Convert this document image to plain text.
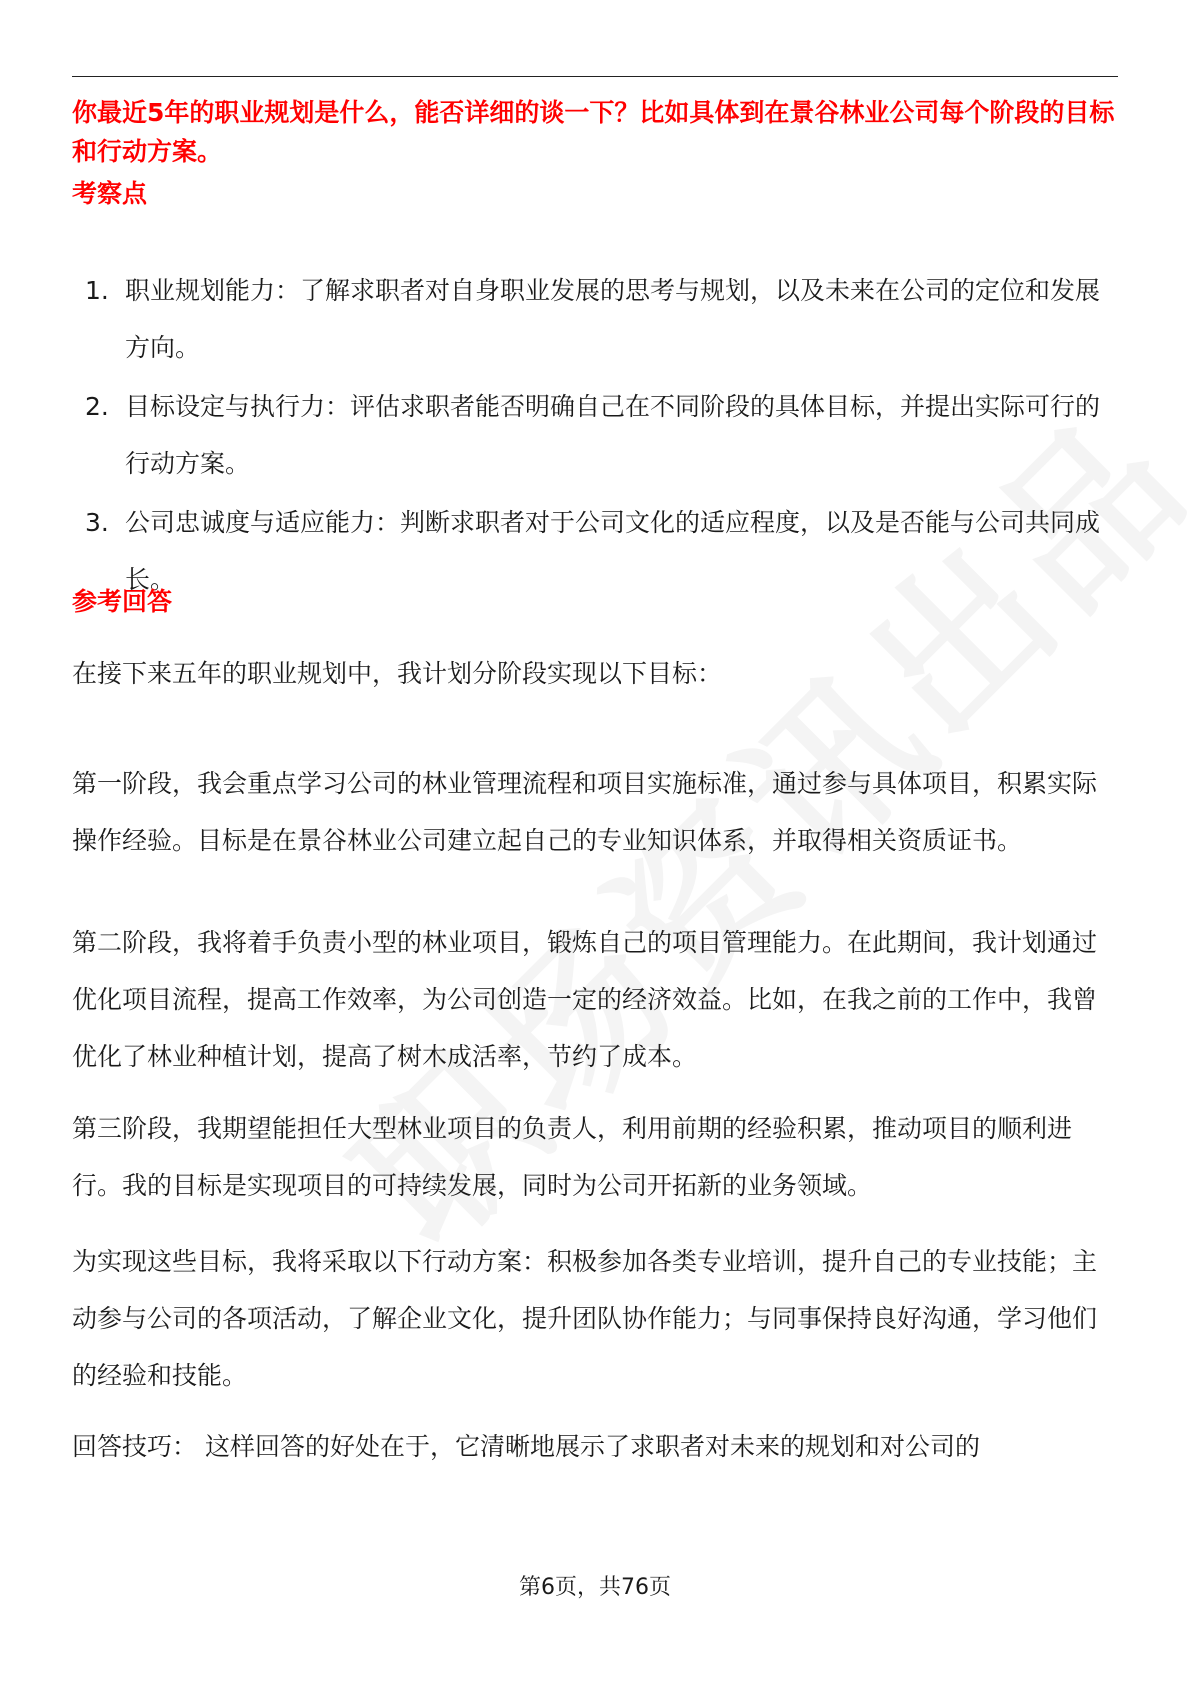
你最近5年的职业规划是什么，能否详细的谈一下？比如具体到在景谷林业公司每个阶段的目标和行动方案。

考察点
1. 职业规划能力：了解求职者对自身职业发展的思考与规划，以及未来在公司的定位和发展方向。
2. 目标设定与执行力：评估求职者能否明确自己在不同阶段的具体目标，并提出实际可行的行动方案。
3. 公司忠诚度与适应能力：判断求职者对于公司文化的适应程度，以及是否能与公司共同成长。
参考回答

在接下来五年的职业规划中，我计划分阶段实现以下目标：

第一阶段，我会重点学习公司的林业管理流程和项目实施标准，通过参与具体项目，积累实际操作经验。目标是在景谷林业公司建立起自己的专业知识体系，并取得相关资质证书。

第二阶段，我将着手负责小型的林业项目，锻炼自己的项目管理能力。在此期间，我计划通过优化项目流程，提高工作效率，为公司创造一定的经济效益。比如，在我之前的工作中，我曾优化了林业种植计划，提高了树木成活率，节约了成本。

第三阶段，我期望能担任大型林业项目的负责人，利用前期的经验积累，推动项目的顺利进行。我的目标是实现项目的可持续发展，同时为公司开拓新的业务领域。

为实现这些目标，我将采取以下行动方案：积极参加各类专业培训，提升自己的专业技能；主动参与公司的各项活动，了解企业文化，提升团队协作能力；与同事保持良好沟通，学习他们的经验和技能。

回答技巧： 这样回答的好处在于，它清晰地展示了求职者对未来的规划和对公司的

第6页，共76页
